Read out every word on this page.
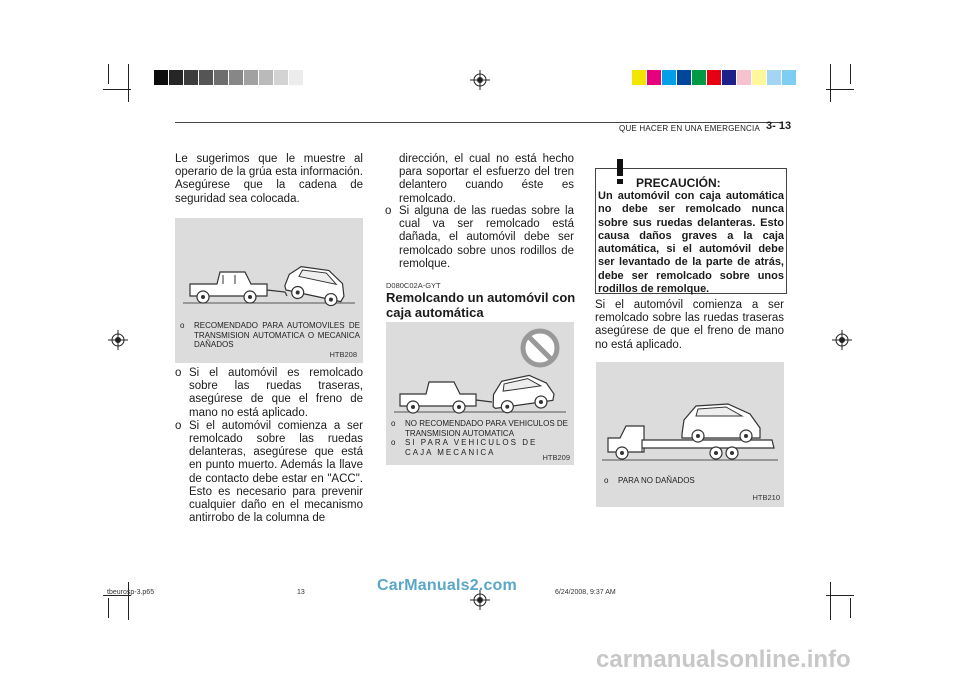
QUE HACER EN UNA EMERGENCIA 3- 13
Le sugerimos que le muestre al operario de la grúa esta información. Asegúrese que la cadena de seguridad sea colocada.
o	RECOMENDADO PARA AUTOMOVILES DE TRANSMISION AUTOMATICA O MECANICA DAÑADOS
HTB208
o Si el automóvil es remolcado sobre las ruedas traseras, asegúrese de que el freno de mano no está aplicado.
o Si el automóvil comienza a ser remolcado sobre las ruedas delanteras, asegúrese que está en punto muerto. Además la llave de contacto debe estar en "ACC". Esto es necesario para prevenir cualquier daño en el mecanismo antirrobo de la columna de
dirección, el cual no está hecho para soportar el esfuerzo del tren delantero cuando éste es remolcado.
o Si alguna de las ruedas sobre la cual va ser remolcado está dañada, el automóvil debe ser remolcado sobre unos rodillos de remolque.
D080C02A-GYT
Remolcando un automóvil con caja automática
o	NO RECOMENDADO PARA VEHICULOS DE TRANSMISION AUTOMATICA
o	SI PARA VEHICULOS DE CAJA MECANICA
HTB209
PRECAUCIÓN:
Un automóvil con caja automática no debe ser remolcado nunca sobre sus ruedas delanteras. Esto causa daños graves a la caja automática, si el automóvil debe ser levantado de la parte de atrás, debe ser remolcado sobre unos rodillos de remolque.
Si el automóvil comienza a ser remolcado sobre las ruedas traseras asegúrese de que el freno de mano no está aplicado.
o	PARA NO DAÑADOS
HTB210
tbeurosp-3.p65	13	6/24/2008, 9:37 AM
CarManuals2.com
carmanualsonline.info
